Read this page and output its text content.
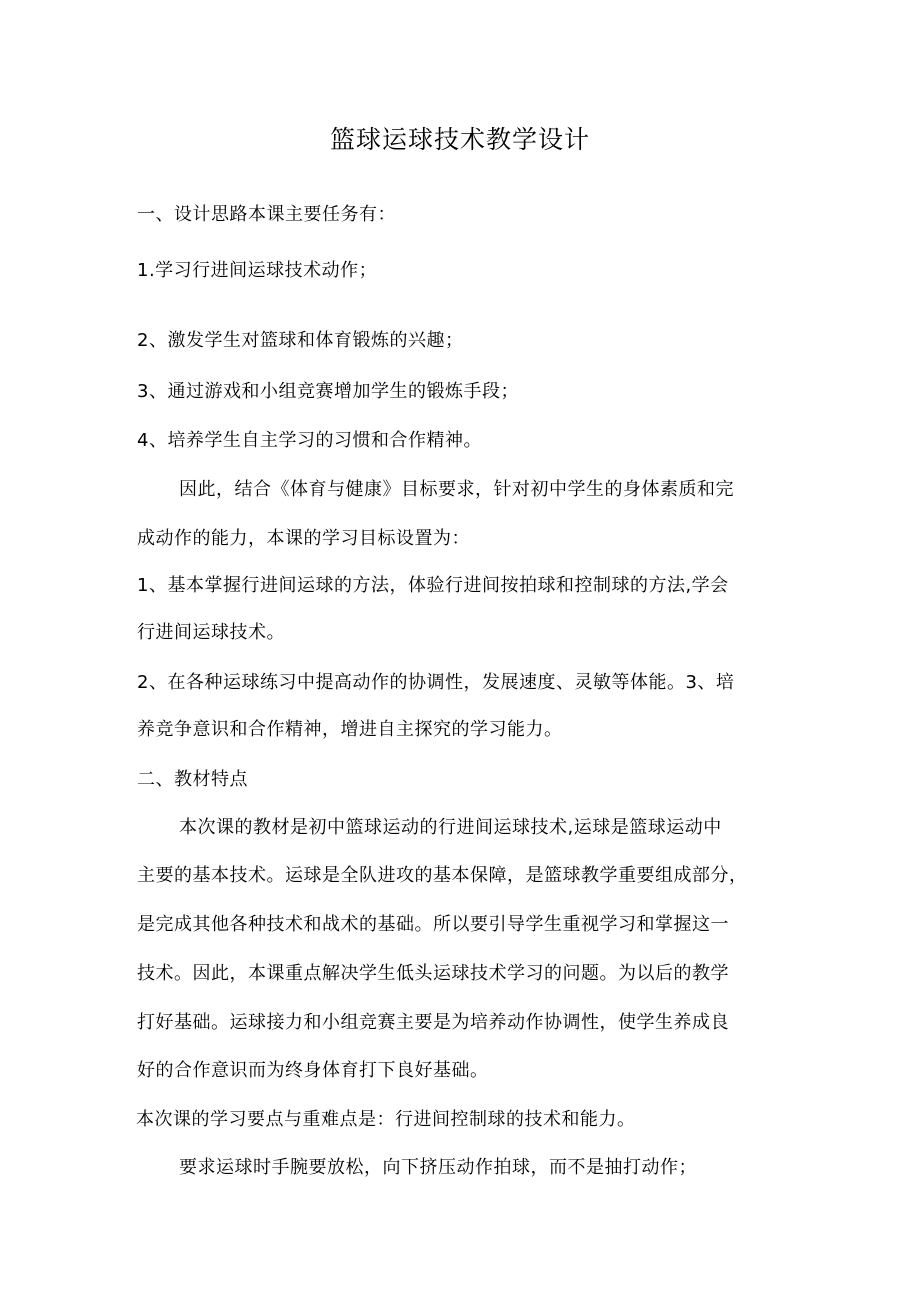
篮球运球技术教学设计
一、设计思路本课主要任务有：
1.学习行进间运球技术动作；
2、激发学生对篮球和体育锻炼的兴趣；
3、通过游戏和小组竞赛增加学生的锻炼手段；
4、培养学生自主学习的习惯和合作精神。
因此，结合《体育与健康》目标要求，针对初中学生的身体素质和完
成动作的能力，本课的学习目标设置为：
1、基本掌握行进间运球的方法，体验行进间按拍球和控制球的方法,学会
行进间运球技术。
2、在各种运球练习中提高动作的协调性，发展速度、灵敏等体能。3、培
养竞争意识和合作精神，增进自主探究的学习能力。
二、教材特点
本次课的教材是初中篮球运动的行进间运球技术,运球是篮球运动中
主要的基本技术。运球是全队进攻的基本保障，是篮球教学重要组成部分，
是完成其他各种技术和战术的基础。所以要引导学生重视学习和掌握这一
技术。因此，本课重点解决学生低头运球技术学习的问题。为以后的教学
打好基础。运球接力和小组竞赛主要是为培养动作协调性，使学生养成良
好的合作意识而为终身体育打下良好基础。
本次课的学习要点与重难点是：行进间控制球的技术和能力。
要求运球时手腕要放松，向下挤压动作拍球，而不是抽打动作；
